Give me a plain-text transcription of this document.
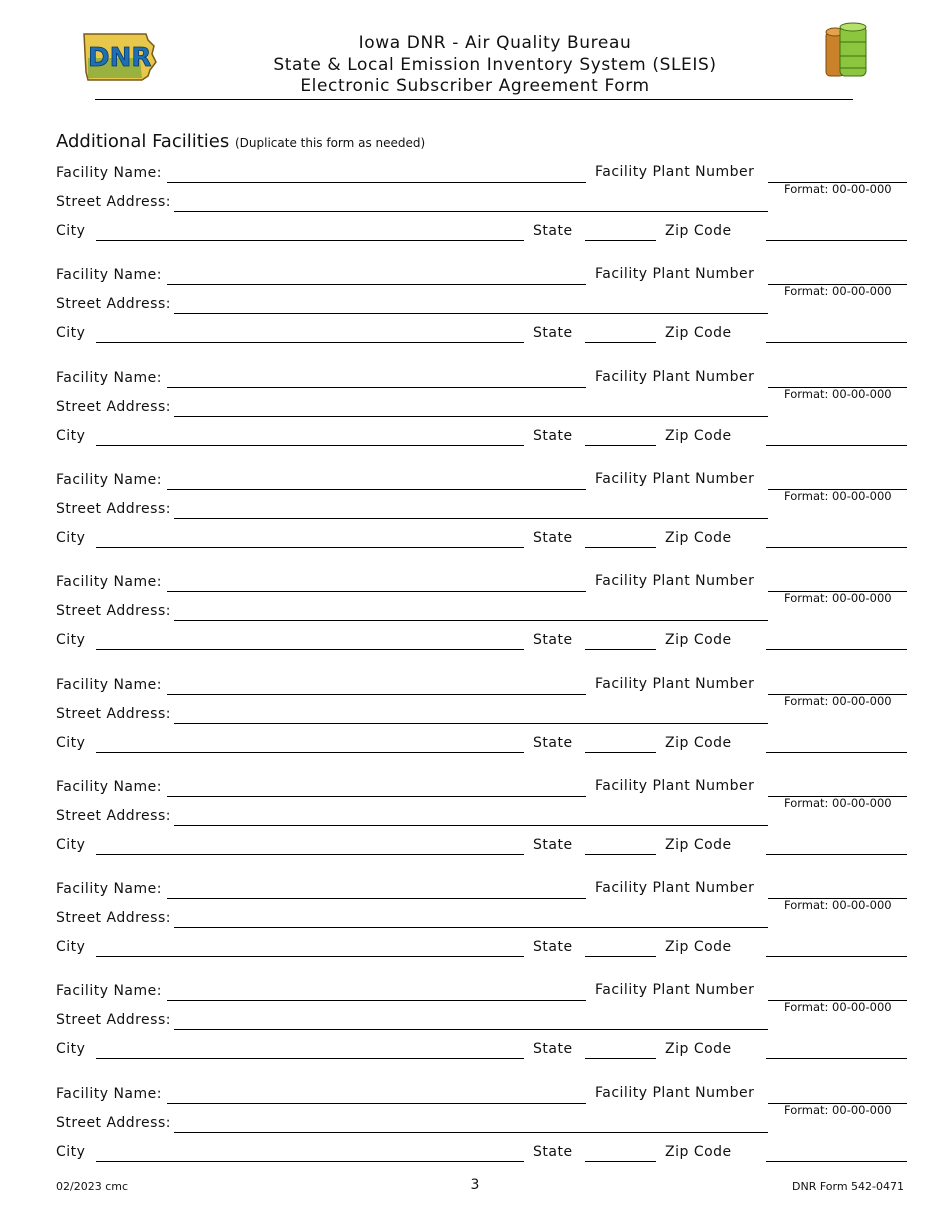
DNR	Iowa DNR - Air Quality Bureau
State & Local Emission Inventory System (SLEIS)
Electronic Subscriber Agreement Form
Additional Facilities (Duplicate this form as needed)
Facility Name:	Facility Plant Number
Format: 00-00-000
Street Address:
City	State	Zip Code
Facility Name:	Facility Plant Number
Format: 00-00-000
Street Address:
City	State	Zip Code
Facility Name:	Facility Plant Number
Format: 00-00-000
Street Address:
City	State	Zip Code
Facility Name:	Facility Plant Number
Format: 00-00-000
Street Address:
City	State	Zip Code
Facility Name:	Facility Plant Number
Format: 00-00-000
Street Address:
City	State	Zip Code
Facility Name:	Facility Plant Number
Format: 00-00-000
Street Address:
City	State	Zip Code
Facility Name:	Facility Plant Number
Format: 00-00-000
Street Address:
City	State	Zip Code
Facility Name:	Facility Plant Number
Format: 00-00-000
Street Address:
City	State	Zip Code
Facility Name:	Facility Plant Number
Format: 00-00-000
Street Address:
City	State	Zip Code
Facility Name:	Facility Plant Number
Format: 00-00-000
Street Address:
City	State	Zip Code
02/2023 cmc	3	DNR Form 542-0471
